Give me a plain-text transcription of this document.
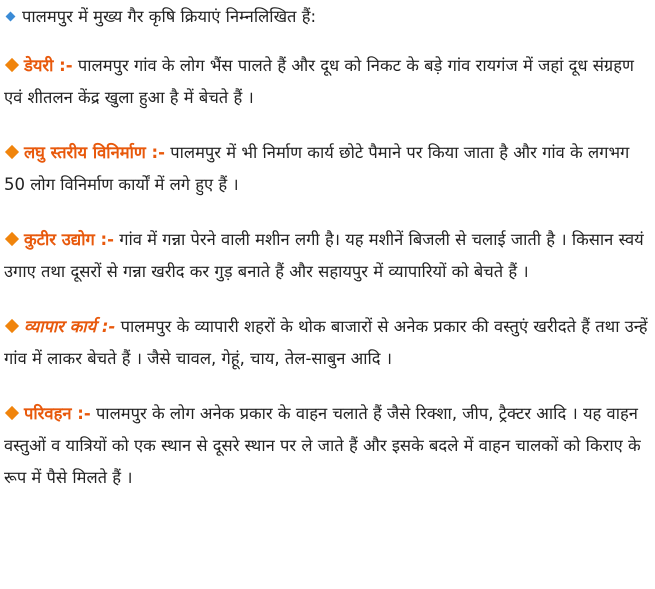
पालमपुर में मुख्य गैर कृषि क्रियाएं निम्नलिखित हैं:
डेयरी :- पालमपुर गांव के लोग भैंस पालते हैं और दूध को निकट के बड़े गांव रायगंज में जहां दूध संग्रहण एवं शीतलन केंद्र खुला हुआ है में बेचते हैं ।
लघु स्तरीय विनिर्माण :- पालमपुर में भी निर्माण कार्य छोटे पैमाने पर किया जाता है और गांव के लगभग 50 लोग विनिर्माण कार्यों में लगे हुए हैं ।
कुटीर उद्योग :- गांव में गन्ना पेरने वाली मशीन लगी है। यह मशीनें बिजली से चलाई जाती है । किसान स्वयं उगाए तथा दूसरों से गन्ना खरीद कर गुड़ बनाते हैं और सहायपुर में व्यापारियों को बेचते हैं ।
व्यापार कार्य :- पालमपुर के व्यापारी शहरों के थोक बाजारों से अनेक प्रकार की वस्तुएं खरीदते हैं तथा उन्हें गांव में लाकर बेचते हैं । जैसे चावल, गेहूं, चाय, तेल-साबुन आदि ।
परिवहन :- पालमपुर के लोग अनेक प्रकार के वाहन चलाते हैं जैसे रिक्शा, जीप, ट्रैक्टर आदि । यह वाहन वस्तुओं व यात्रियों को एक स्थान से दूसरे स्थान पर ले जाते हैं और इसके बदले में वाहन चालकों को किराए के रूप में पैसे मिलते हैं ।
